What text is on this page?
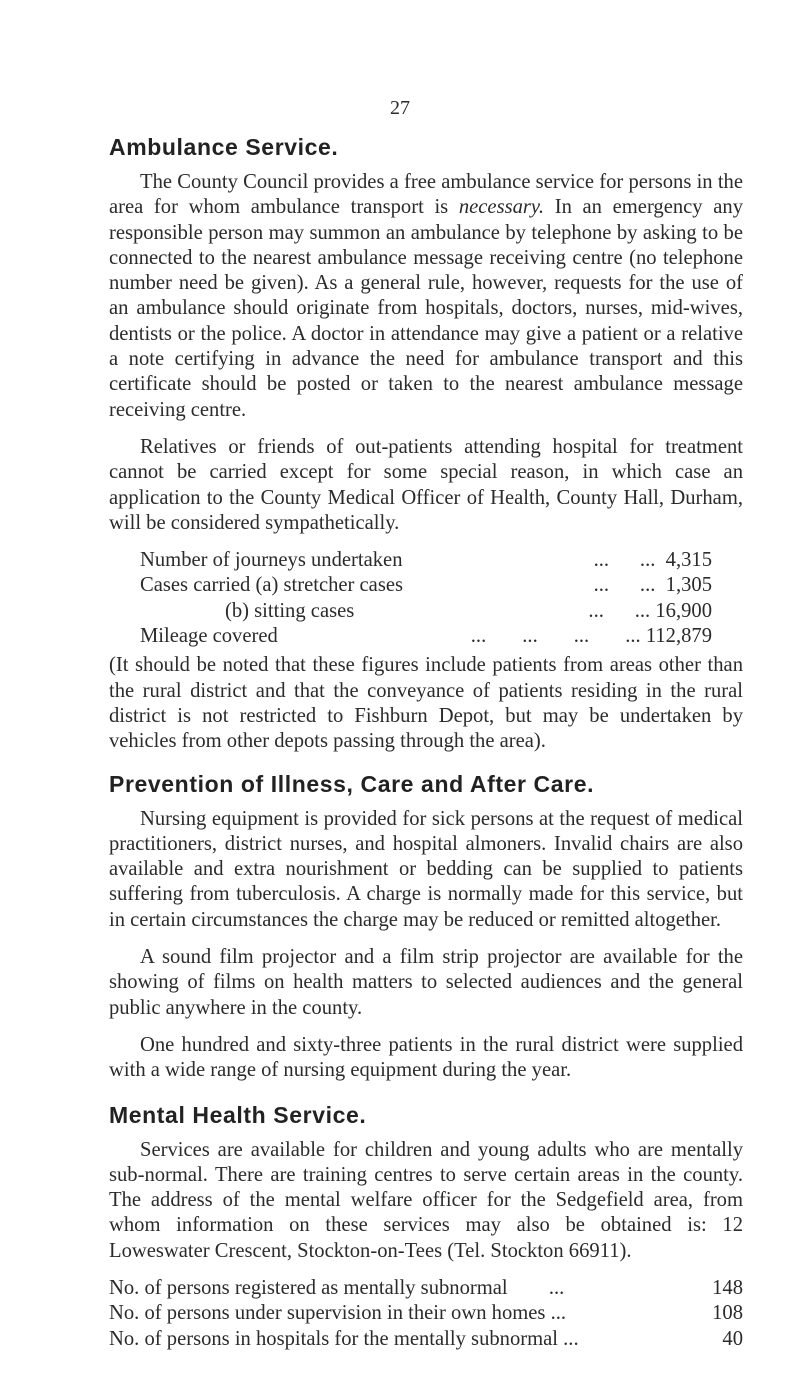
27
Ambulance Service.

The County Council provides a free ambulance service for persons in the area for whom ambulance transport is necessary. In an emergency any responsible person may summon an ambulance by telephone by asking to be connected to the nearest ambulance message receiving centre (no telephone number need be given). As a general rule, however, requests for the use of an ambulance should originate from hospitals, doctors, nurses, mid-wives, dentists or the police. A doctor in attendance may give a patient or a relative a note certifying in advance the need for ambulance transport and this certificate should be posted or taken to the nearest ambulance message receiving centre.

Relatives or friends of out-patients attending hospital for treatment cannot be carried except for some special reason, in which case an application to the County Medical Officer of Health, County Hall, Durham, will be considered sympathetically.

Number of journeys undertaken	...      ...  4,315
Cases carried (a) stretcher cases	...      ...  1,305
(b) sitting cases	...      ... 16,900
Mileage covered	...       ...       ...       ... 112,879

(It should be noted that these figures include patients from areas other than the rural district and that the conveyance of patients residing in the rural district is not restricted to Fishburn Depot, but may be undertaken by vehicles from other depots passing through the area).

Prevention of Illness, Care and After Care.

Nursing equipment is provided for sick persons at the request of medical practitioners, district nurses, and hospital almoners. Invalid chairs are also available and extra nourishment or bedding can be supplied to patients suffering from tuberculosis. A charge is normally made for this service, but in certain circumstances the charge may be reduced or remitted altogether.

A sound film projector and a film strip projector are available for the showing of films on health matters to selected audiences and the general public anywhere in the county.

One hundred and sixty-three patients in the rural district were supplied with a wide range of nursing equipment during the year.

Mental Health Service.

Services are available for children and young adults who are mentally sub-normal. There are training centres to serve certain areas in the county. The address of the mental welfare officer for the Sedgefield area, from whom information on these services may also be obtained is: 12 Loweswater Crescent, Stockton-on-Tees (Tel. Stockton 66911).

No. of persons registered as mentally subnormal ...	148
No. of persons under supervision in their own homes ...	108
No. of persons in hospitals for the mentally subnormal ...	40
